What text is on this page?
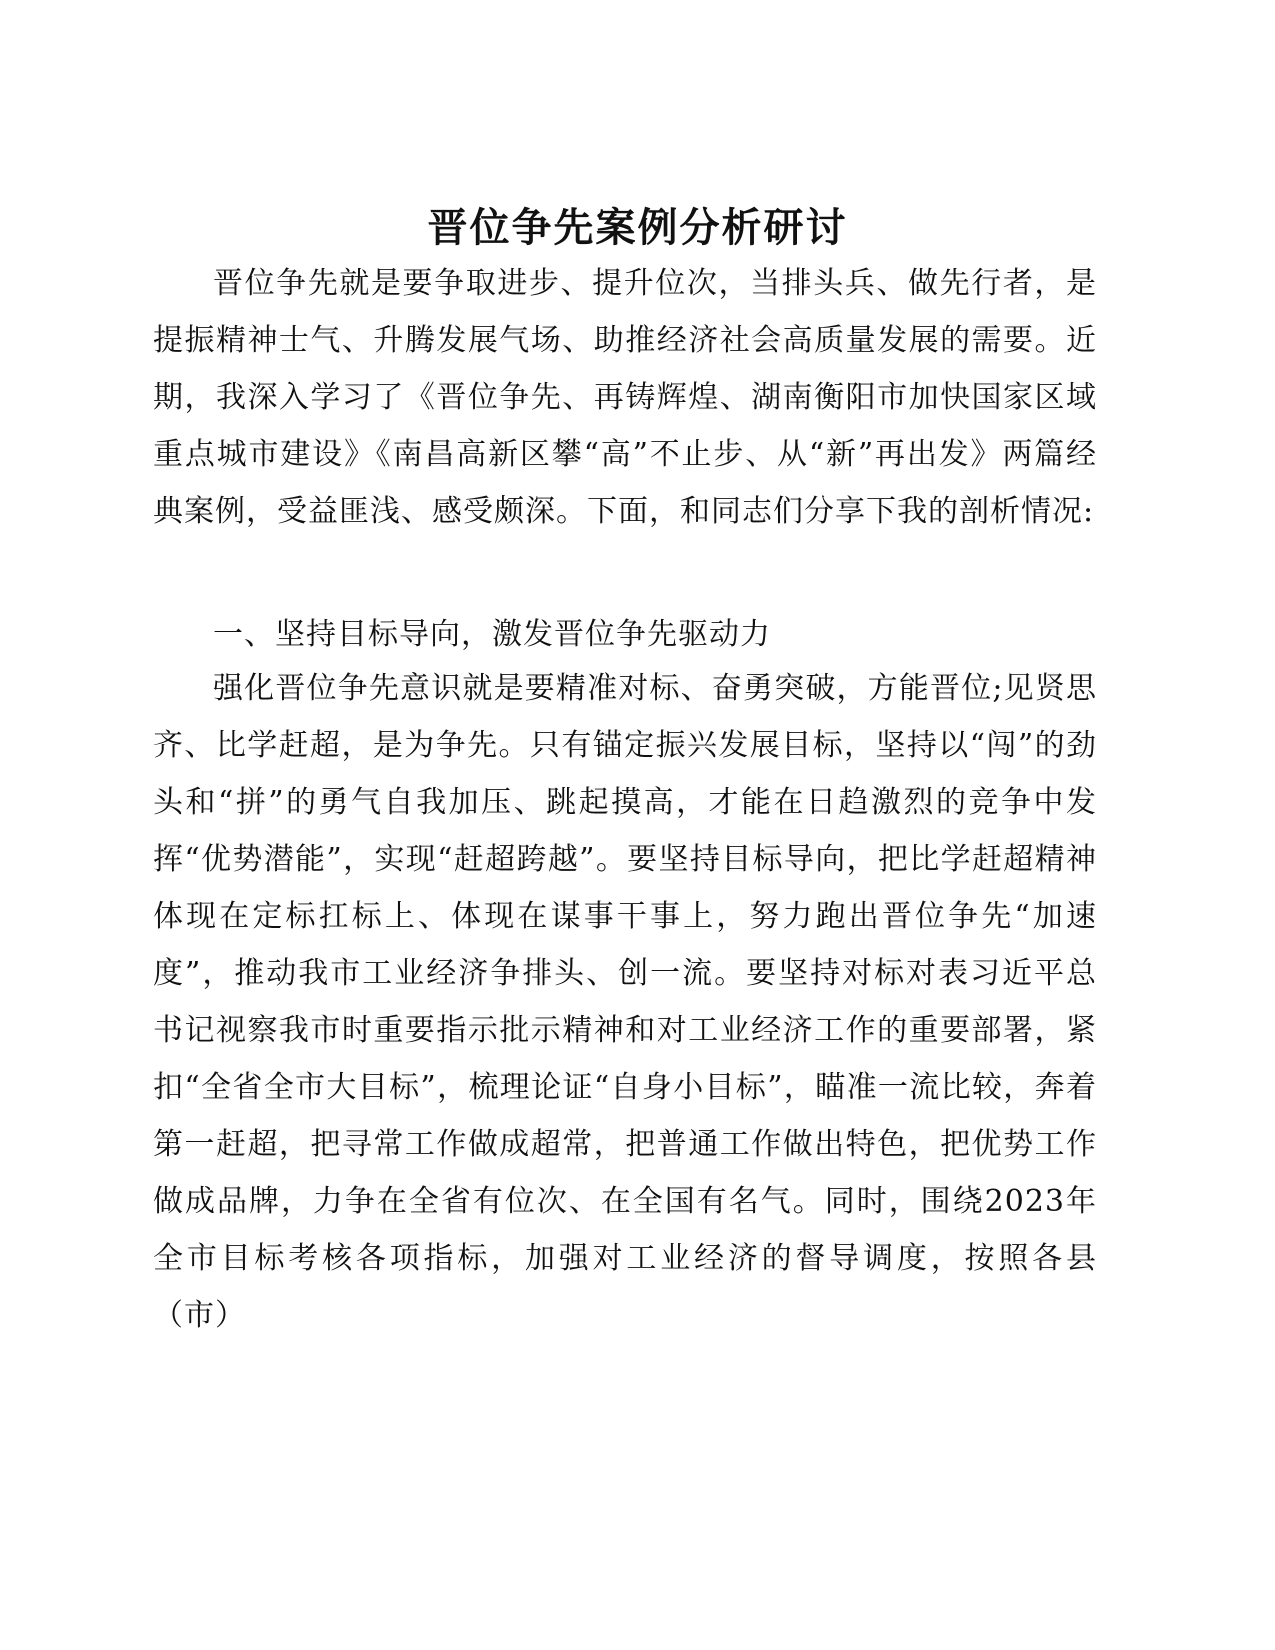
晋位争先案例分析研讨

晋位争先就是要争取进步、提升位次，当排头兵、做先行者，是提振精神士气、升腾发展气场、助推经济社会高质量发展的需要。近期，我深入学习了《晋位争先、再铸辉煌、湖南衡阳市加快国家区域重点城市建设》《南昌高新区攀“高”不止步、从“新”再出发》两篇经典案例，受益匪浅、感受颇深。下面，和同志们分享下我的剖析情况:

一、坚持目标导向，激发晋位争先驱动力

强化晋位争先意识就是要精准对标、奋勇突破，方能晋位;见贤思齐、比学赶超，是为争先。只有锚定振兴发展目标，坚持以“闯”的劲头和“拼”的勇气自我加压、跳起摸高，才能在日趋激烈的竞争中发挥“优势潜能”，实现“赶超跨越”。要坚持目标导向，把比学赶超精神体现在定标扛标上、体现在谋事干事上，努力跑出晋位争先“加速度”，推动我市工业经济争排头、创一流。要坚持对标对表习近平总书记视察我市时重要指示批示精神和对工业经济工作的重要部署，紧扣“全省全市大目标”，梳理论证“自身小目标”，瞄准一流比较，奔着第一赶超，把寻常工作做成超常，把普通工作做出特色，把优势工作做成品牌，力争在全省有位次、在全国有名气。同时，围绕2023年全市目标考核各项指标，加强对工业经济的督导调度，按照各县（市）
